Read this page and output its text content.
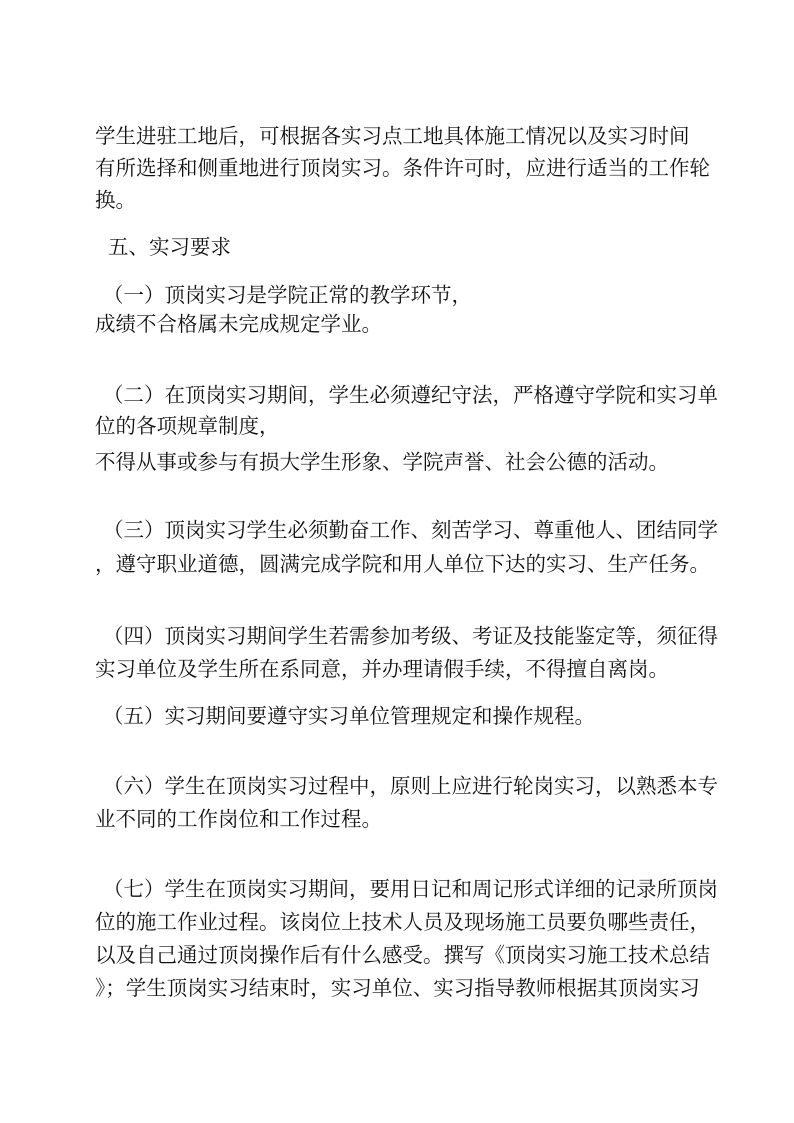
学生进驻工地后，可根据各实习点工地具体施工情况以及实习时间
有所选择和侧重地进行顶岗实习。条件许可时，应进行适当的工作轮
换。
五、实习要求
（一）顶岗实习是学院正常的教学环节，
成绩不合格属未完成规定学业。
（二）在顶岗实习期间，学生必须遵纪守法，严格遵守学院和实习单
位的各项规章制度，
不得从事或参与有损大学生形象、学院声誉、社会公德的活动。
（三）顶岗实习学生必须勤奋工作、刻苦学习、尊重他人、团结同学
，遵守职业道德，圆满完成学院和用人单位下达的实习、生产任务。
（四）顶岗实习期间学生若需参加考级、考证及技能鉴定等，须征得
实习单位及学生所在系同意，并办理请假手续，不得擅自离岗。
（五）实习期间要遵守实习单位管理规定和操作规程。
（六）学生在顶岗实习过程中，原则上应进行轮岗实习，以熟悉本专
业不同的工作岗位和工作过程。
（七）学生在顶岗实习期间，要用日记和周记形式详细的记录所顶岗
位的施工作业过程。该岗位上技术人员及现场施工员要负哪些责任，
以及自己通过顶岗操作后有什么感受。撰写《顶岗实习施工技术总结
》；学生顶岗实习结束时，实习单位、实习指导教师根据其顶岗实习
